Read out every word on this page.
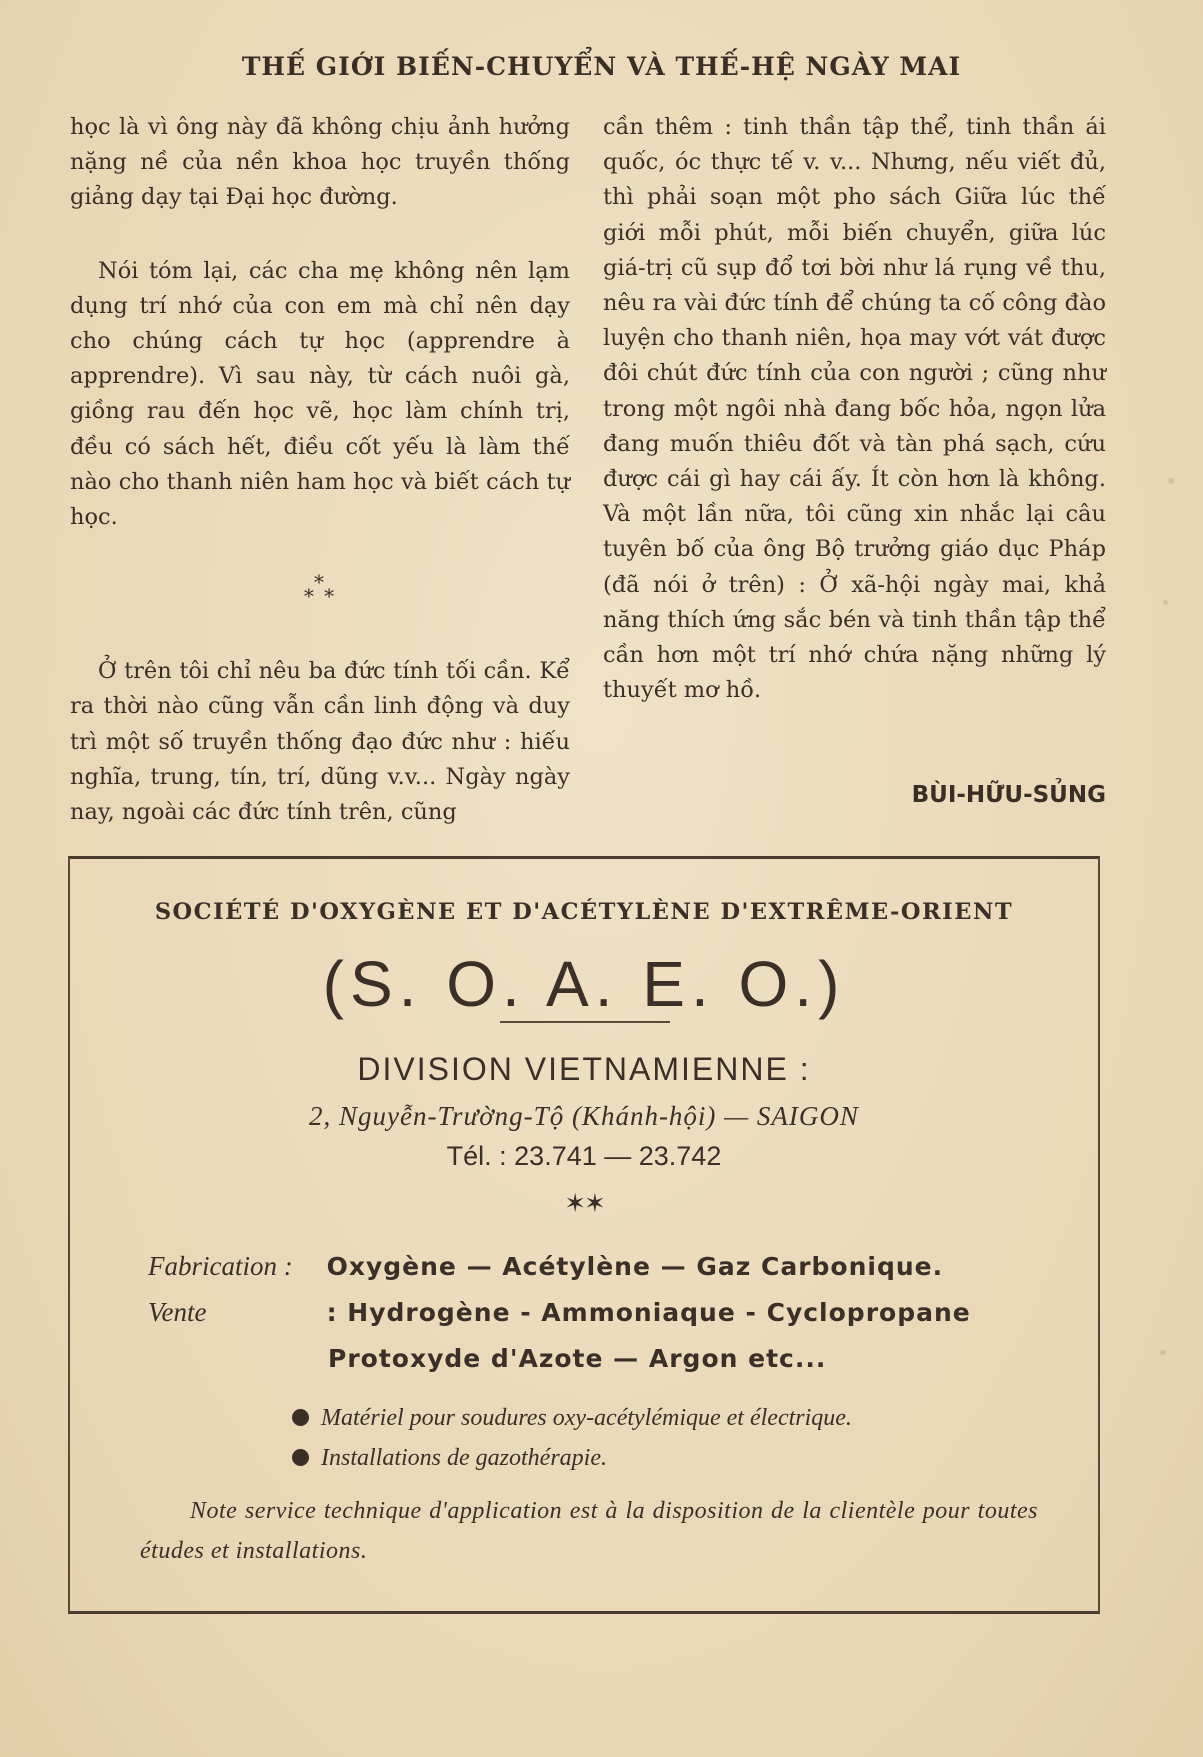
THẾ GIỚI BIẾN-CHUYỂN VÀ THẾ-HỆ NGÀY MAI

học là vì ông này đã không chịu ảnh hưởng nặng nề của nền khoa học truyền thống giảng dạy tại Đại học đường.

Nói tóm lại, các cha mẹ không nên lạm dụng trí nhớ của con em mà chỉ nên dạy cho chúng cách tự học (apprendre à apprendre). Vì sau này, từ cách nuôi gà, giồng rau đến học vẽ, học làm chính trị, đều có sách hết, điều cốt yếu là làm thế nào cho thanh niên ham học và biết cách tự học.

*
* *

Ở trên tôi chỉ nêu ba đức tính tối cần. Kể ra thời nào cũng vẫn cần linh động và duy trì một số truyền thống đạo đức như : hiếu nghĩa, trung, tín, trí, dũng v.v... Ngày ngày nay, ngoài các đức tính trên, cũng

cần thêm : tinh thần tập thể, tinh thần ái quốc, óc thực tế v. v... Nhưng, nếu viết đủ, thì phải soạn một pho sách Giữa lúc thế giới mỗi phút, mỗi biến chuyển, giữa lúc giá-trị cũ sụp đổ tơi bời như lá rụng về thu, nêu ra vài đức tính để chúng ta cố công đào luyện cho thanh niên, họa may vớt vát được đôi chút đức tính của con người ; cũng như trong một ngôi nhà đang bốc hỏa, ngọn lửa đang muốn thiêu đốt và tàn phá sạch, cứu được cái gì hay cái ấy. Ít còn hơn là không. Và một lần nữa, tôi cũng xin nhắc lại câu tuyên bố của ông Bộ trưởng giáo dục Pháp (đã nói ở trên) : Ở xã-hội ngày mai, khả năng thích ứng sắc bén và tinh thần tập thể cần hơn một trí nhớ chứa nặng những lý thuyết mơ hồ.

BÙI-HỮU-SỦNG
SOCIÉTÉ D'OXYGÈNE ET D'ACÉTYLÈNE D'EXTRÊME-ORIENT
(S. O. A. E. O.)
DIVISION VIETNAMIENNE :
2, Nguyễn-Trường-Tộ (Khánh-hội) — SAIGON
Tél. : 23.741 — 23.742
✶✶
Fabrication : Oxygène — Acétylène — Gaz Carbonique.
Vente	: Hydrogène - Ammoniaque - Cyclopropane
Protoxyde d'Azote — Argon etc...
Matériel pour soudures oxy-acétylémique et électrique.
Installations de gazothérapie.
Note service technique d'application est à la disposition de la clientèle pour toutes études et installations.
